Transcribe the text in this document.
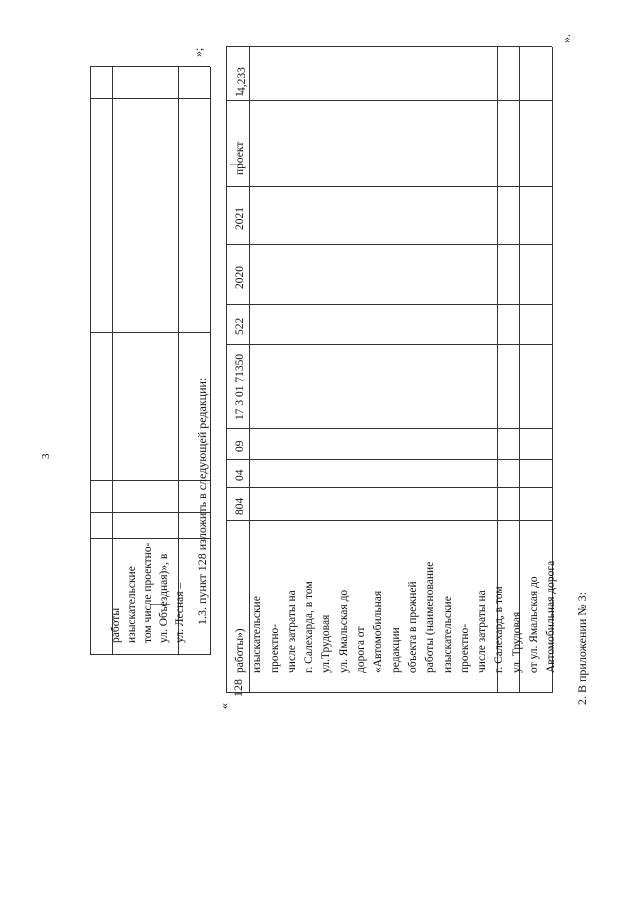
3
работы изыскательские том числе проектно- ул. Объездная)», в ул. Лесная –
»;
1.3. пункт 128 изложить в следующей редакции:
«
128
работы») изыскательские проектно- числе затраты на г. Салехарда, в том ул.Трудовая ул. Ямальская до дорога от «Автомобильная редакции объекта в прежней работы (наименование изыскательские проектно- числе затраты на г. Салехард, в том ул. Трудовая от ул. Ямальская до Автомобильная дорога
804
04
09
17 3 01 71350
522
2020
2021
проект
1
4,233
».
2. В приложении № 3:
